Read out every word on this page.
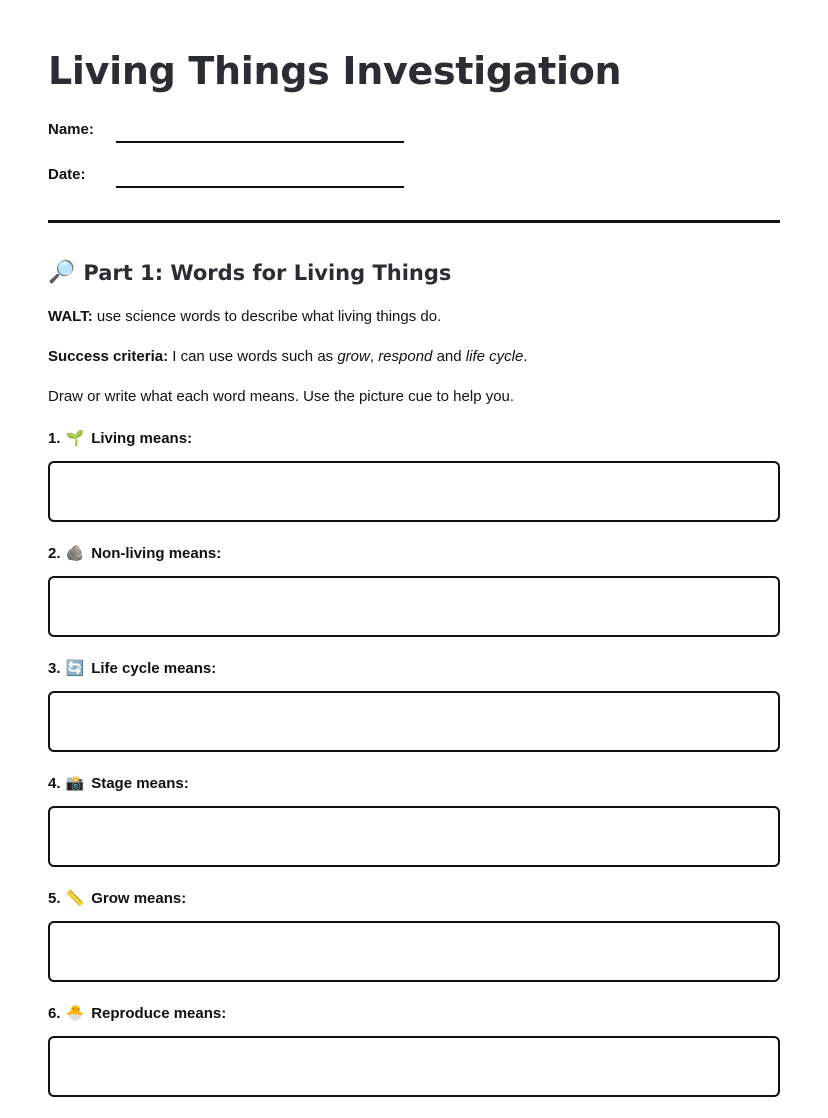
Living Things Investigation
Name:
Date:
🔎 Part 1: Words for Living Things

WALT: use science words to describe what living things do.

Success criteria: I can use words such as grow, respond and life cycle.

Draw or write what each word means. Use the picture cue to help you.

1. 🌱 Living means:
2. 🪨 Non-living means:
3. 🔄 Life cycle means:
4. 📸 Stage means:
5. 📏 Grow means:
6. 🐣 Reproduce means:
